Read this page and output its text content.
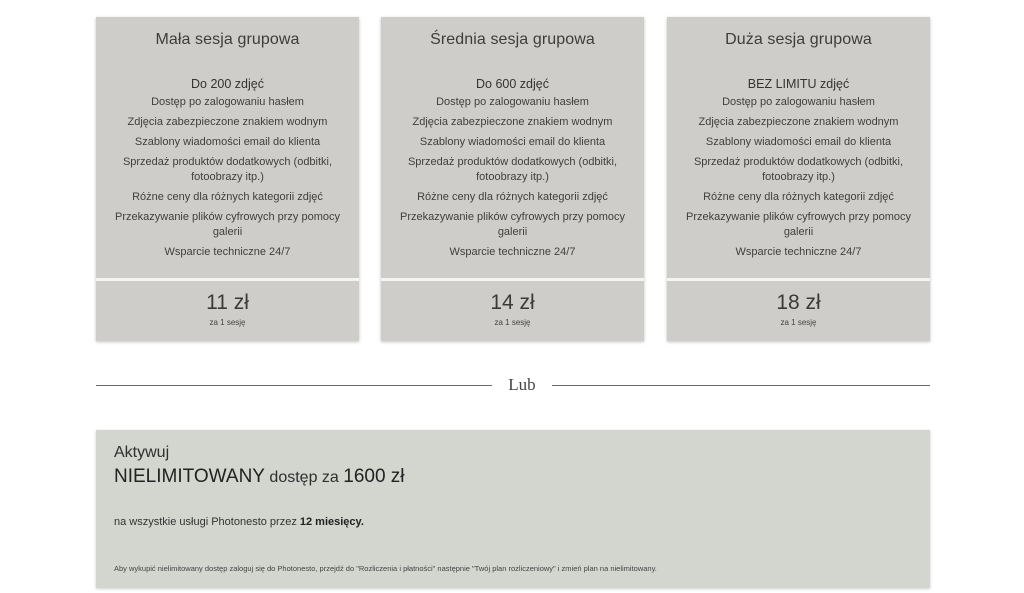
Mała sesja grupowa
Do 200 zdjęć
Dostęp po zalogowaniu hasłem
Zdjęcia zabezpieczone znakiem wodnym
Szablony wiadomości email do klienta
Sprzedaż produktów dodatkowych (odbitki, fotoobrazy itp.)
Różne ceny dla różnych kategorii zdjęć
Przekazywanie plików cyfrowych przy pomocy galerii
Wsparcie techniczne 24/7
11 zł
za 1 sesję
Średnia sesja grupowa
Do 600 zdjęć
Dostęp po zalogowaniu hasłem
Zdjęcia zabezpieczone znakiem wodnym
Szablony wiadomości email do klienta
Sprzedaż produktów dodatkowych (odbitki, fotoobrazy itp.)
Różne ceny dla różnych kategorii zdjęć
Przekazywanie plików cyfrowych przy pomocy galerii
Wsparcie techniczne 24/7
14 zł
za 1 sesję
Duża sesja grupowa
BEZ LIMITU zdjęć
Dostęp po zalogowaniu hasłem
Zdjęcia zabezpieczone znakiem wodnym
Szablony wiadomości email do klienta
Sprzedaż produktów dodatkowych (odbitki, fotoobrazy itp.)
Różne ceny dla różnych kategorii zdjęć
Przekazywanie plików cyfrowych przy pomocy galerii
Wsparcie techniczne 24/7
18 zł
za 1 sesję
Lub
Aktywuj
NIELIMITOWANY dostęp za 1600 zł
na wszystkie usługi Photonesto przez 12 miesięcy.
Aby wykupić nielimitowany dostęp zaloguj się do Photonesto, przejdź do "Rozliczenia i płatności" następnie "Twój plan rozliczeniowy" i zmień plan na nielimitowany.
